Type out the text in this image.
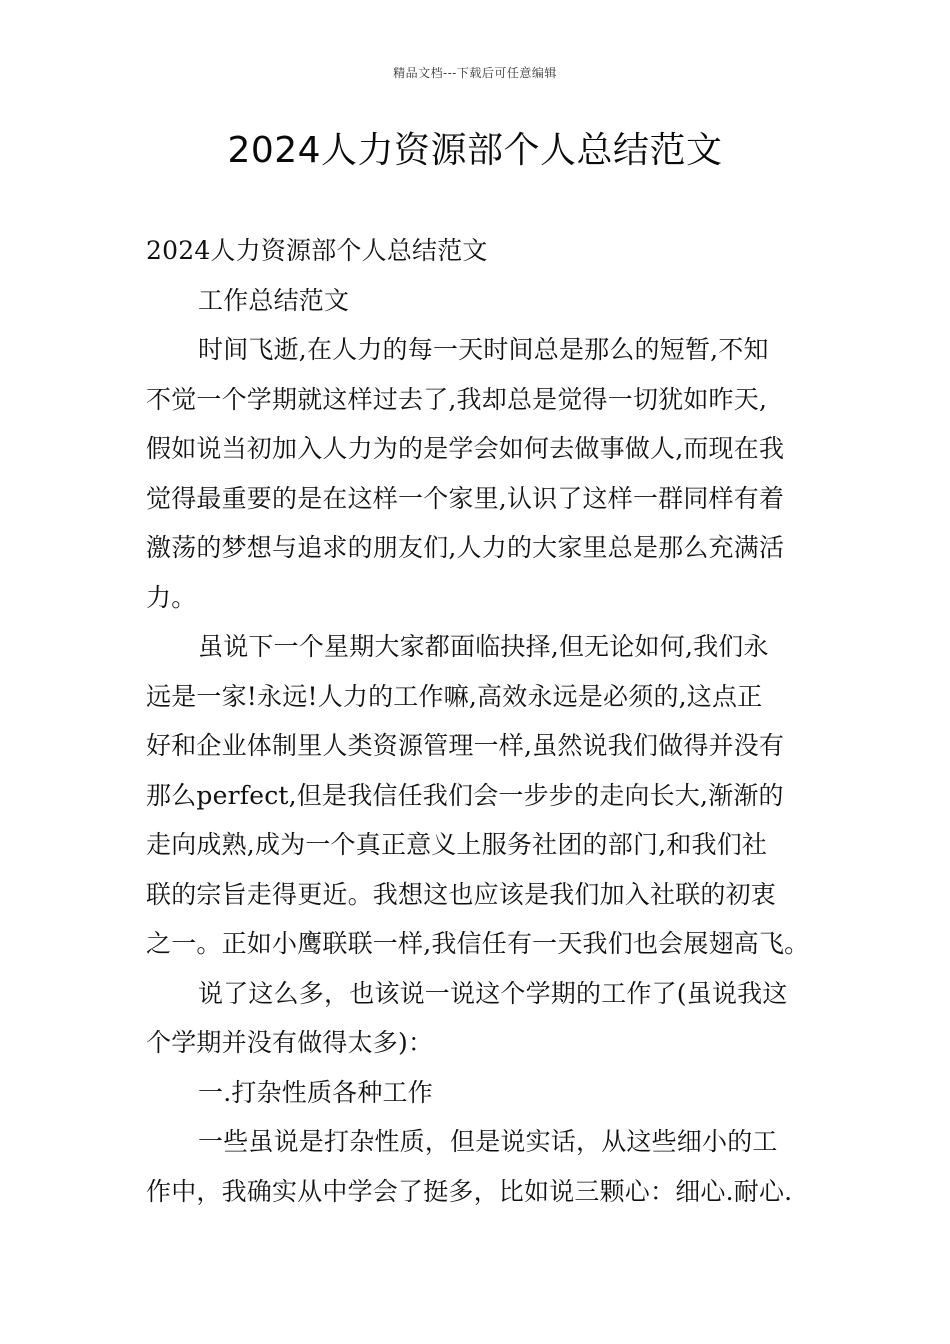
精品文档---下载后可任意编辑
2024人力资源部个人总结范文
2024人力资源部个人总结范文
工作总结范文
时间飞逝,在人力的每一天时间总是那么的短暂,不知
不觉一个学期就这样过去了,我却总是觉得一切犹如昨天,
假如说当初加入人力为的是学会如何去做事做人,而现在我
觉得最重要的是在这样一个家里,认识了这样一群同样有着
激荡的梦想与追求的朋友们,人力的大家里总是那么充满活
力。
虽说下一个星期大家都面临抉择,但无论如何,我们永
远是一家!永远!人力的工作嘛,高效永远是必须的,这点正
好和企业体制里人类资源管理一样,虽然说我们做得并没有
那么perfect,但是我信任我们会一步步的走向长大,渐渐的
走向成熟,成为一个真正意义上服务社团的部门,和我们社
联的宗旨走得更近。我想这也应该是我们加入社联的初衷
之一。正如小鹰联联一样,我信任有一天我们也会展翅高飞。
说了这么多，也该说一说这个学期的工作了(虽说我这
个学期并没有做得太多)：
一.打杂性质各种工作
一些虽说是打杂性质，但是说实话，从这些细小的工
作中，我确实从中学会了挺多，比如说三颗心：细心.耐心.
